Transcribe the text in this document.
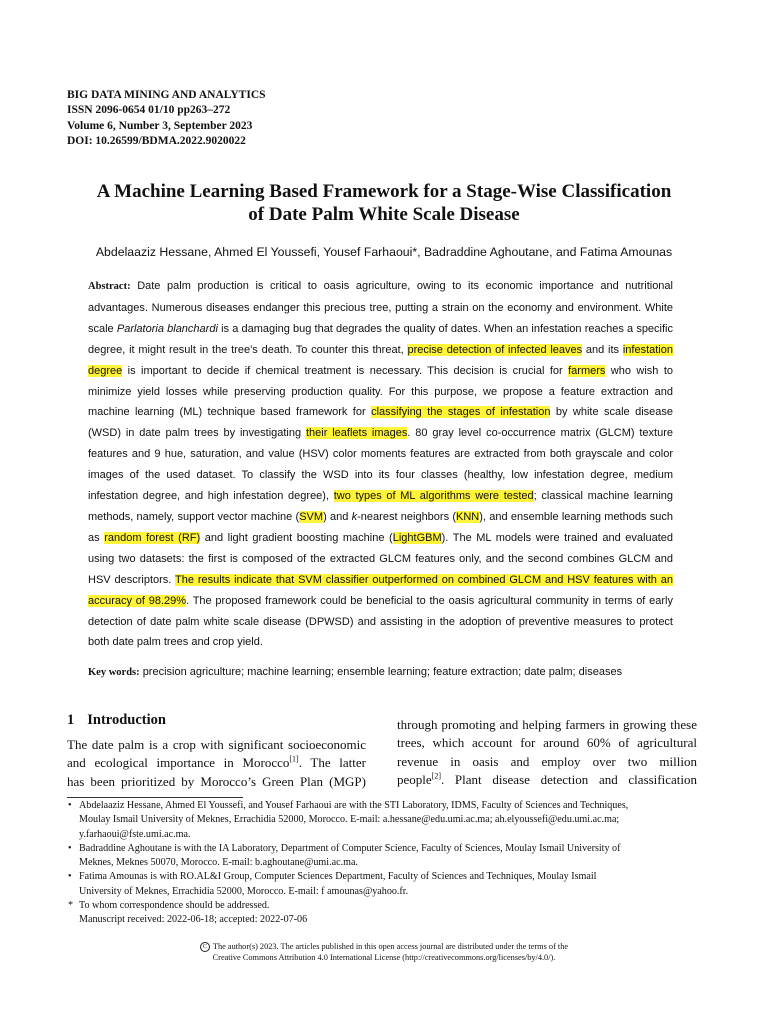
BIG DATA MINING AND ANALYTICS
ISSN 2096-0654 01/10 pp263–272
Volume 6, Number 3, September 2023
DOI: 10.26599/BDMA.2022.9020022
A Machine Learning Based Framework for a Stage-Wise Classification
of Date Palm White Scale Disease
Abdelaaziz Hessane, Ahmed El Youssefi, Yousef Farhaoui*, Badraddine Aghoutane, and Fatima Amounas
Abstract: Date palm production is critical to oasis agriculture, owing to its economic importance and nutritional advantages. Numerous diseases endanger this precious tree, putting a strain on the economy and environment. White scale Parlatoria blanchardi is a damaging bug that degrades the quality of dates. When an infestation reaches a specific degree, it might result in the tree’s death. To counter this threat, precise detection of infected leaves and its infestation degree is important to decide if chemical treatment is necessary. This decision is crucial for farmers who wish to minimize yield losses while preserving production quality. For this purpose, we propose a feature extraction and machine learning (ML) technique based framework for classifying the stages of infestation by white scale disease (WSD) in date palm trees by investigating their leaflets images. 80 gray level co-occurrence matrix (GLCM) texture features and 9 hue, saturation, and value (HSV) color moments features are extracted from both grayscale and color images of the used dataset. To classify the WSD into its four classes (healthy, low infestation degree, medium infestation degree, and high infestation degree), two types of ML algorithms were tested; classical machine learning methods, namely, support vector machine (SVM) and k-nearest neighbors (KNN), and ensemble learning methods such as random forest (RF) and light gradient boosting machine (LightGBM). The ML models were trained and evaluated using two datasets: the first is composed of the extracted GLCM features only, and the second combines GLCM and HSV descriptors. The results indicate that SVM classifier outperformed on combined GLCM and HSV features with an accuracy of 98.29%. The proposed framework could be beneficial to the oasis agricultural community in terms of early detection of date palm white scale disease (DPWSD) and assisting in the adoption of preventive measures to protect both date palm trees and crop yield.
Key words: precision agriculture; machine learning; ensemble learning; feature extraction; date palm; diseases
1 Introduction
The date palm is a crop with significant socioeconomic
and ecological importance in Morocco[1]. The latter
has been prioritized by Morocco’s Green Plan (MGP)
through promoting and helping farmers in growing these
trees, which account for around 60% of agricultural
revenue in oasis and employ over two million
people[2]. Plant disease detection and classification
• Abdelaaziz Hessane, Ahmed El Youssefi, and Yousef Farhaoui are with the STI Laboratory, IDMS, Faculty of Sciences and Techniques,
Moulay Ismail University of Meknes, Errachidia 52000, Morocco. E-mail: a.hessane@edu.umi.ac.ma; ah.elyoussefi@edu.umi.ac.ma;
y.farhaoui@fste.umi.ac.ma.
• Badraddine Aghoutane is with the IA Laboratory, Department of Computer Science, Faculty of Sciences, Moulay Ismail University of
Meknes, Meknes 50070, Morocco. E-mail: b.aghoutane@umi.ac.ma.
• Fatima Amounas is with RO.AL&I Group, Computer Sciences Department, Faculty of Sciences and Techniques, Moulay Ismail
University of Meknes, Errachidia 52000, Morocco. E-mail: f amounas@yahoo.fr.
* To whom correspondence should be addressed.
Manuscript received: 2022-06-18; accepted: 2022-07-06
C The author(s) 2023. The articles published in this open access journal are distributed under the terms of the
Creative Commons Attribution 4.0 International License (http://creativecommons.org/licenses/by/4.0/).
